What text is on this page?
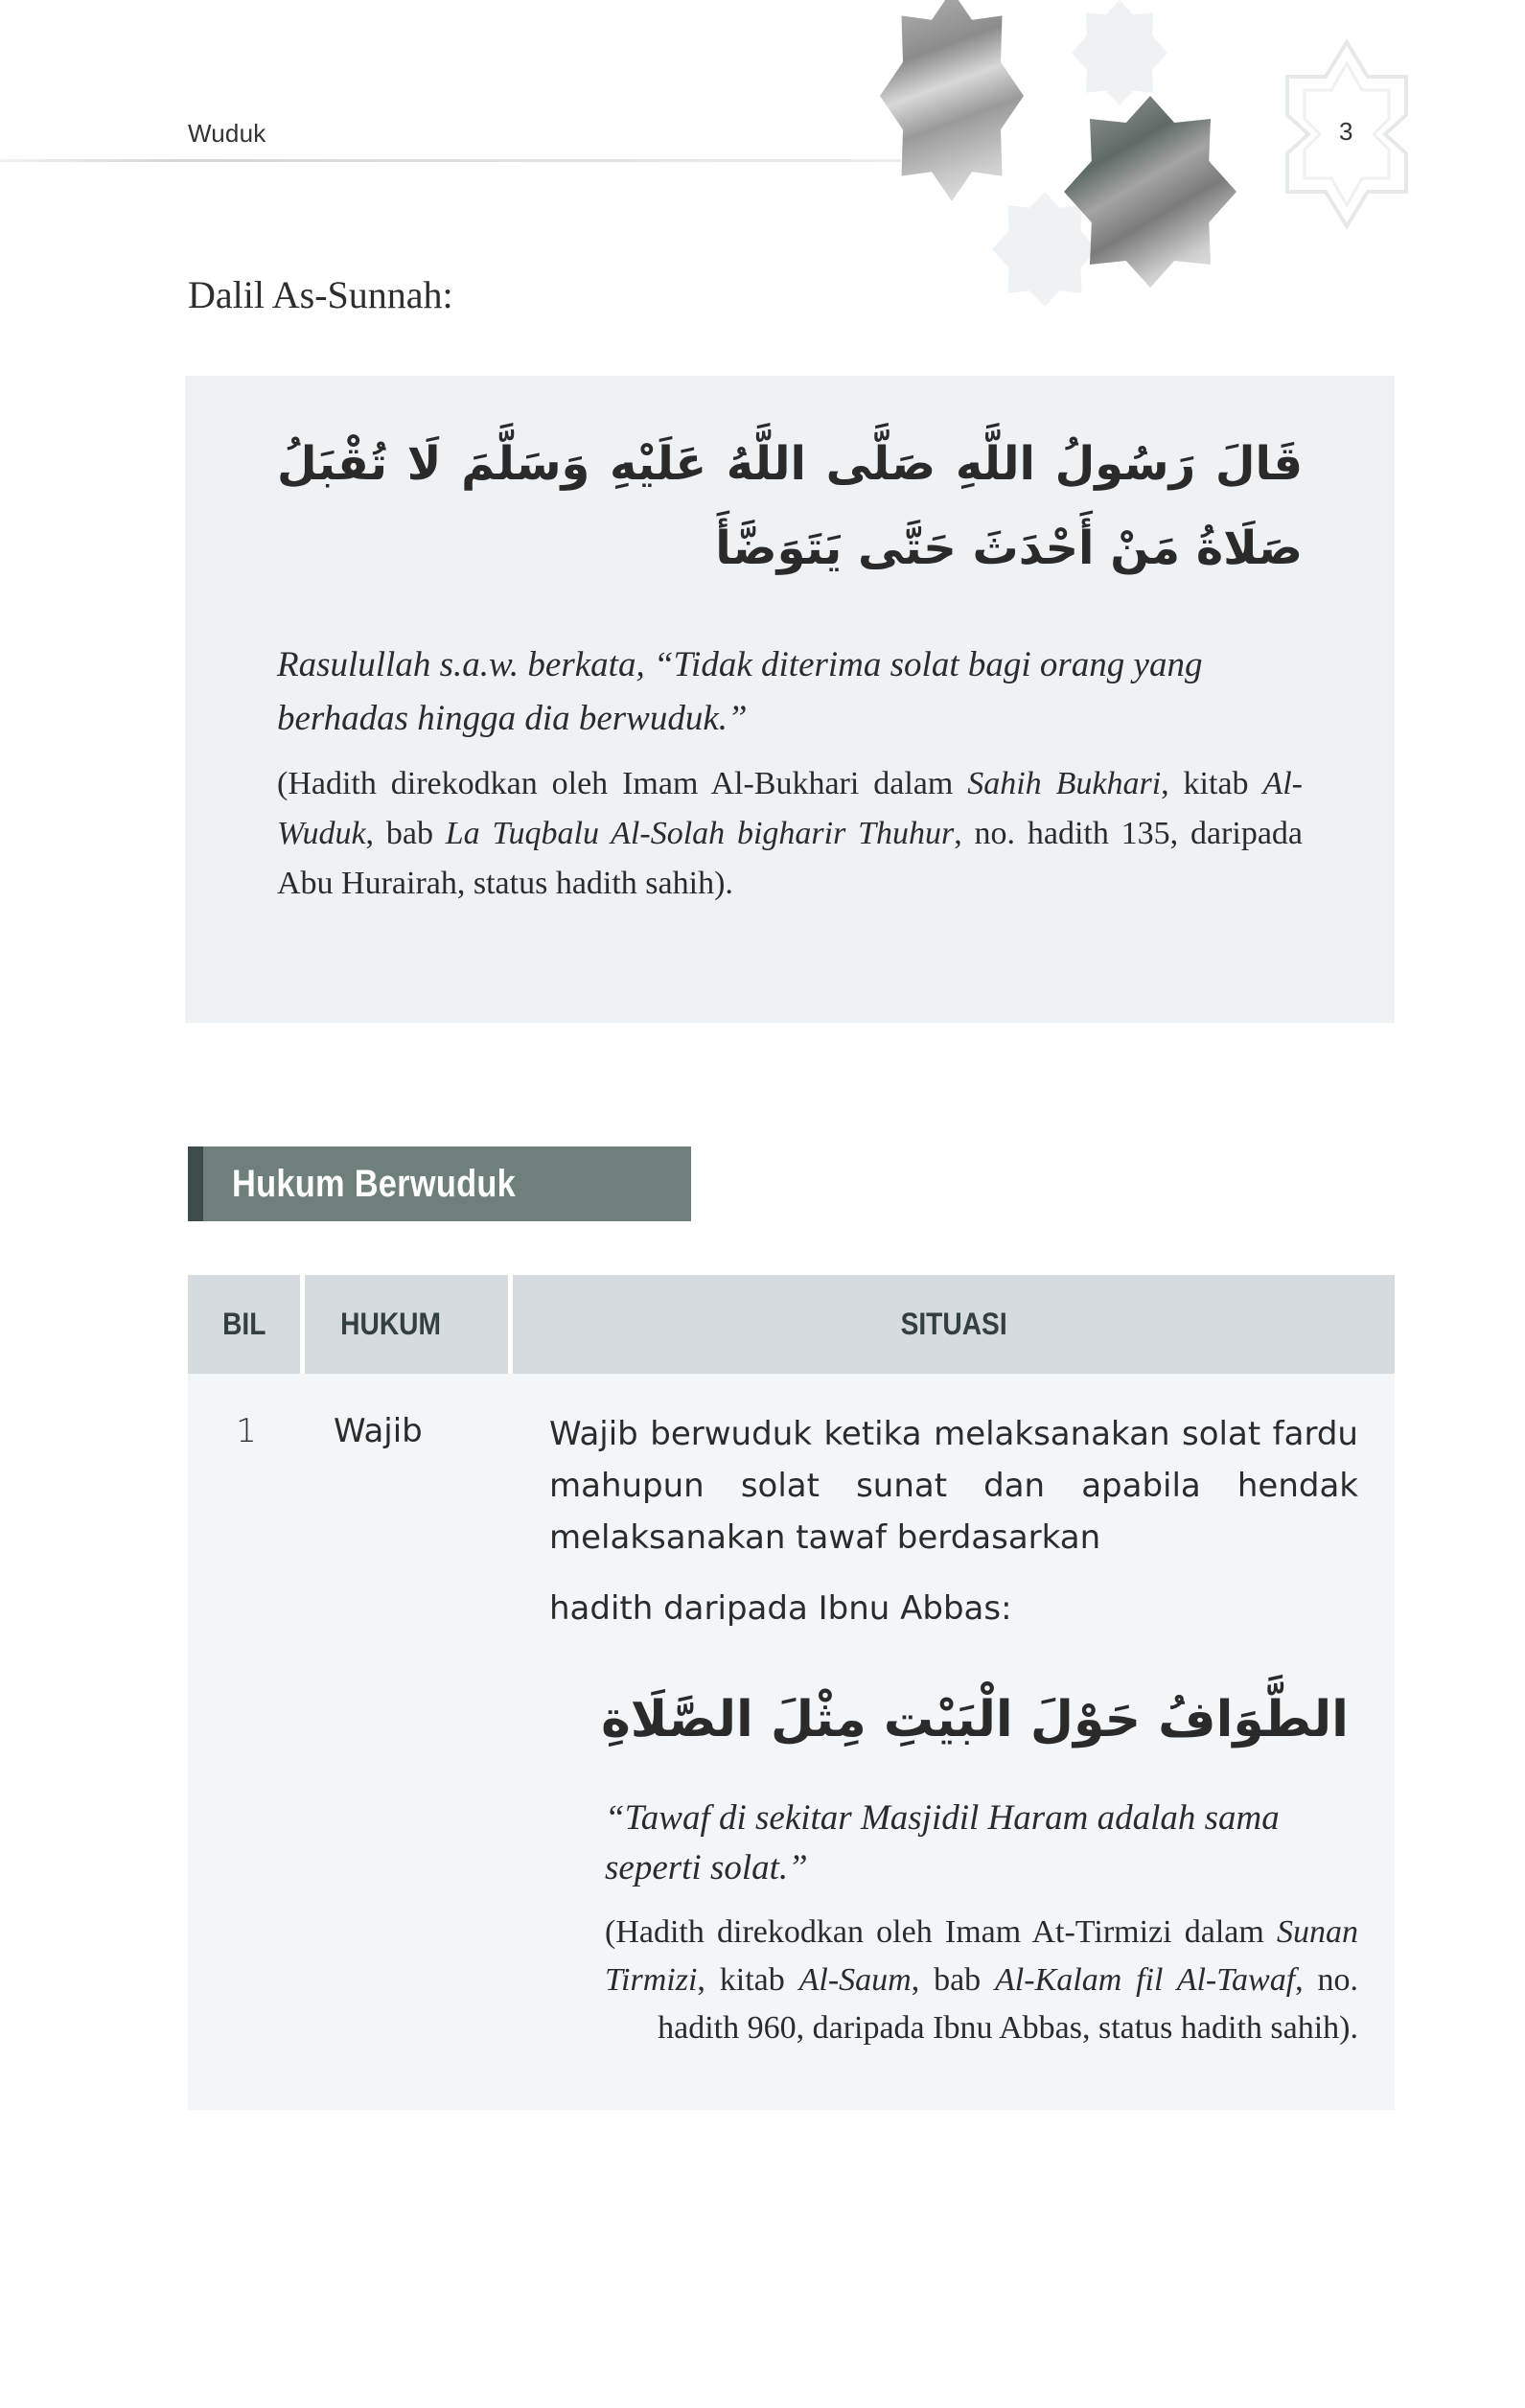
Wuduk	3
Dalil As-Sunnah:
قَالَ رَسُولُ اللَّهِ صَلَّى اللَّهُ عَلَيْهِ وَسَلَّمَ لَا تُقْبَلُ صَلَاةُ مَنْ أَحْدَثَ حَتَّى يَتَوَضَّأَ
Rasulullah s.a.w. berkata, “Tidak diterima solat bagi orang yang berhadas hingga dia berwuduk.”
(Hadith direkodkan oleh Imam Al-Bukhari dalam Sahih Bukhari, kitab Al-Wuduk, bab La Tuqbalu Al-Solah bigharir Thuhur, no. hadith 135, daripada Abu Hurairah, status hadith sahih).
Hukum Berwuduk
BIL HUKUM	SITUASI
1	Wajib	Wajib berwuduk ketika melaksanakan solat fardu mahupun solat sunat dan apabila hendak melaksanakan tawaf berdasarkan
hadith daripada Ibnu Abbas:
الطَّوَافُ حَوْلَ الْبَيْتِ مِثْلَ الصَّلَاةِ
“Tawaf di sekitar Masjidil Haram adalah sama seperti solat.”
(Hadith direkodkan oleh Imam At-Tirmizi dalam Sunan Tirmizi, kitab Al-Saum, bab Al-Kalam fil Al-Tawaf, no. hadith 960, daripada Ibnu Abbas, status hadith sahih).
